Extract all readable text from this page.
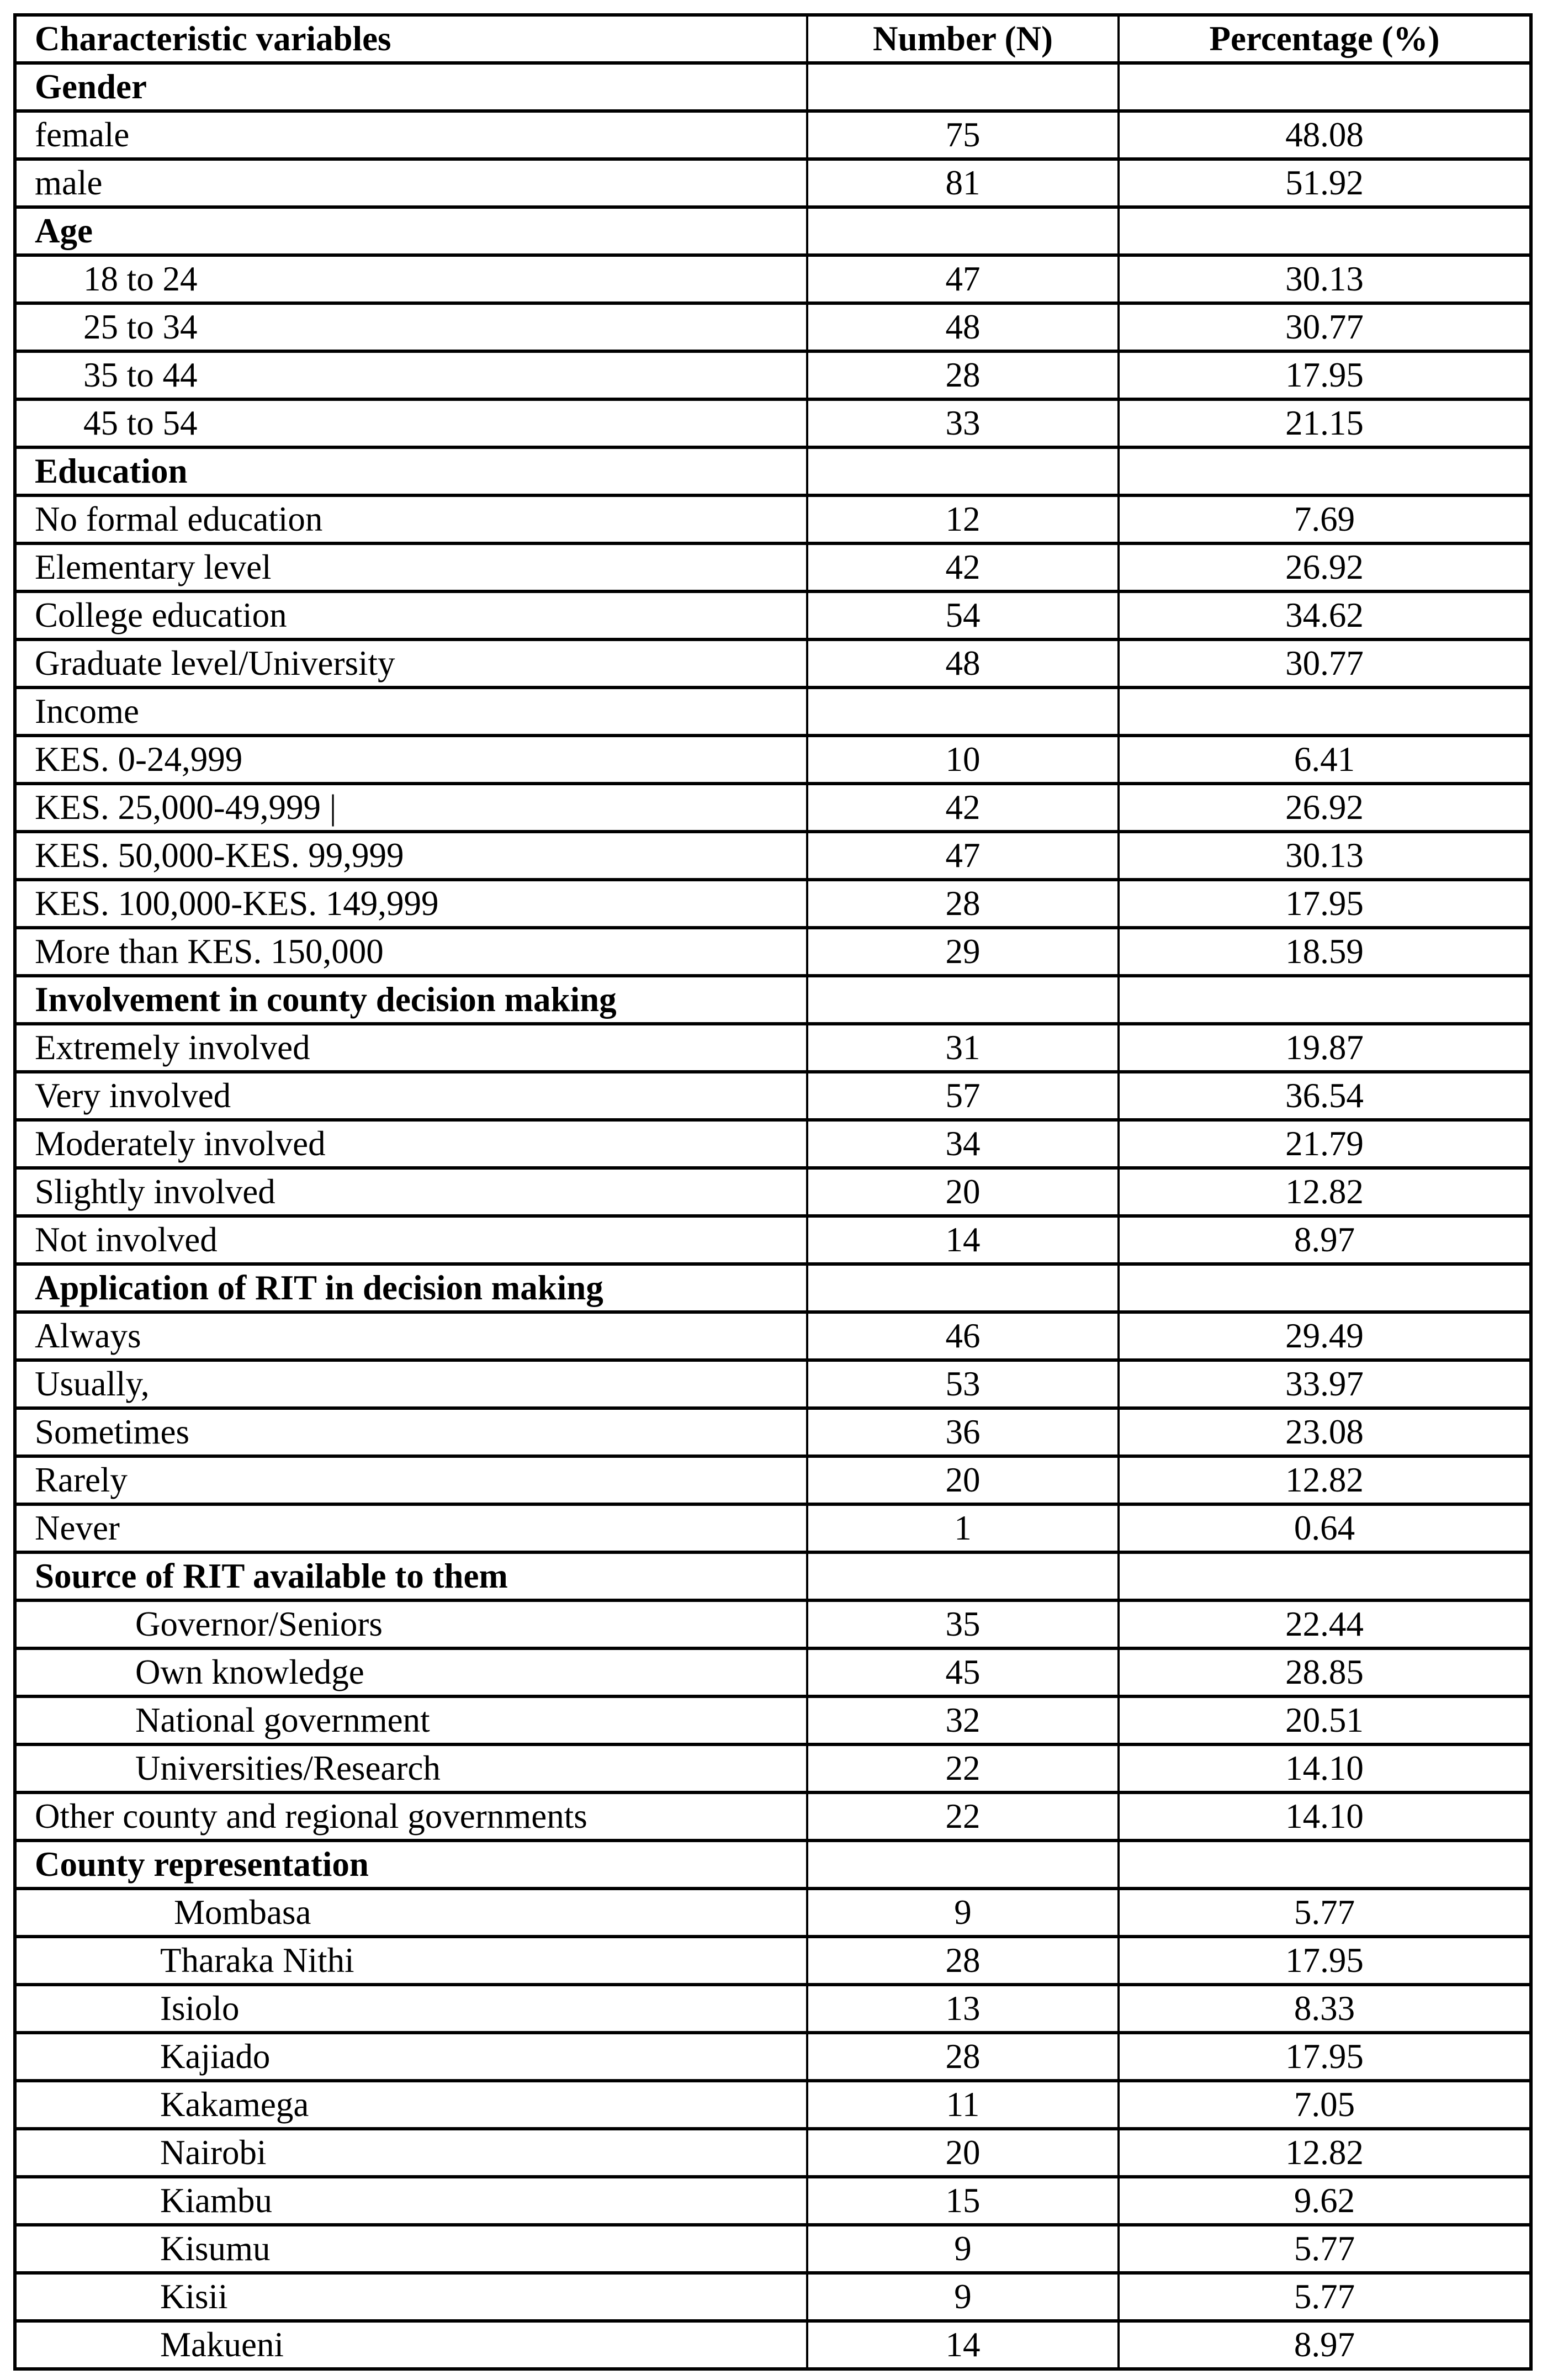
Characteristic variables	Number (N)	Percentage (%)
Gender		
female	75	48.08
male	81	51.92
Age		
18 to 24	47	30.13
25 to 34	48	30.77
35 to 44	28	17.95
45 to 54	33	21.15
Education		
No formal education	12	7.69
Elementary level	42	26.92
College education	54	34.62
Graduate level/University	48	30.77
Income		
KES. 0-24,999	10	6.41
KES. 25,000-49,999 |	42	26.92
KES. 50,000-KES. 99,999	47	30.13
KES. 100,000-KES. 149,999	28	17.95
More than KES. 150,000	29	18.59
Involvement in county decision making		
Extremely involved	31	19.87
Very involved	57	36.54
Moderately involved	34	21.79
Slightly involved	20	12.82
Not involved	14	8.97
Application of RIT in decision making		
Always	46	29.49
Usually,	53	33.97
Sometimes	36	23.08
Rarely	20	12.82
Never	1	0.64
Source of RIT available to them		
Governor/Seniors	35	22.44
Own knowledge	45	28.85
National government	32	20.51
Universities/Research	22	14.10
Other county and regional governments	22	14.10
County representation		
Mombasa	9	5.77
Tharaka Nithi	28	17.95
Isiolo	13	8.33
Kajiado	28	17.95
Kakamega	11	7.05
Nairobi	20	12.82
Kiambu	15	9.62
Kisumu	9	5.77
Kisii	9	5.77
Makueni	14	8.97
